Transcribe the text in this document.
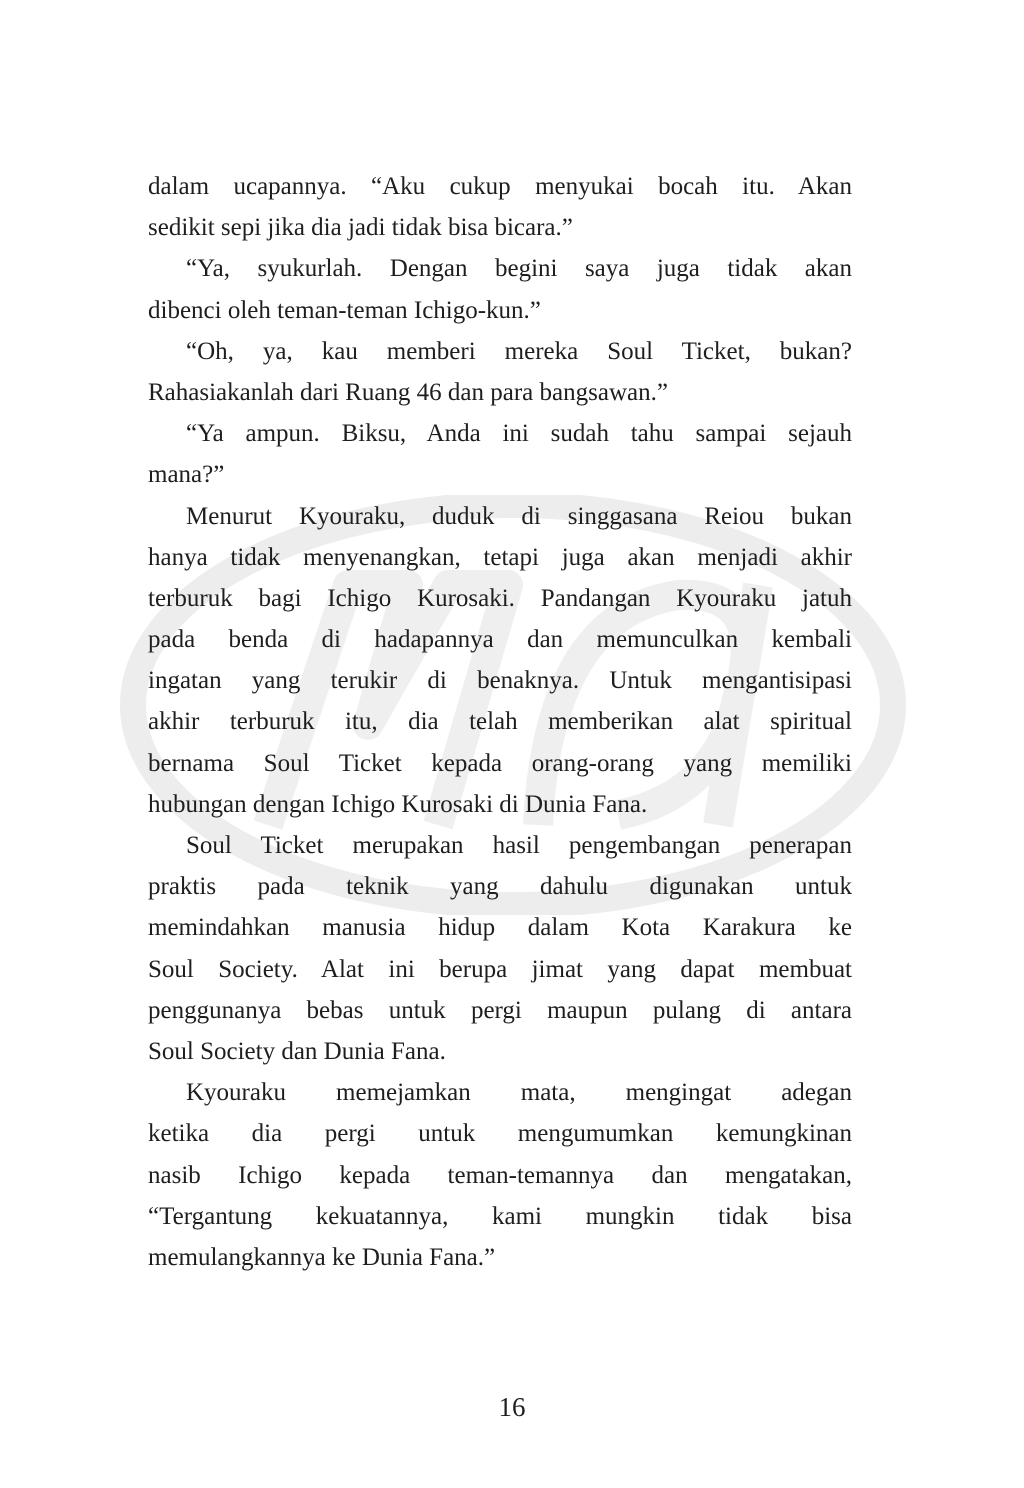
dalam ucapannya. “Aku cukup menyukai bocah itu. Akan
sedikit sepi jika dia jadi tidak bisa bicara.”
“Ya, syukurlah. Dengan begini saya juga tidak akan
dibenci oleh teman-teman Ichigo-kun.”
“Oh, ya, kau memberi mereka Soul Ticket, bukan?
Rahasiakanlah dari Ruang 46 dan para bangsawan.”
“Ya ampun. Biksu, Anda ini sudah tahu sampai sejauh
mana?”
Menurut Kyouraku, duduk di singgasana Reiou bukan
hanya tidak menyenangkan, tetapi juga akan menjadi akhir
terburuk bagi Ichigo Kurosaki. Pandangan Kyouraku jatuh
pada benda di hadapannya dan memunculkan kembali
ingatan yang terukir di benaknya. Untuk mengantisipasi
akhir terburuk itu, dia telah memberikan alat spiritual
bernama Soul Ticket kepada orang-orang yang memiliki
hubungan dengan Ichigo Kurosaki di Dunia Fana.
Soul Ticket merupakan hasil pengembangan penerapan
praktis pada teknik yang dahulu digunakan untuk
memindahkan manusia hidup dalam Kota Karakura ke
Soul Society. Alat ini berupa jimat yang dapat membuat
penggunanya bebas untuk pergi maupun pulang di antara
Soul Society dan Dunia Fana.
Kyouraku memejamkan mata, mengingat adegan
ketika dia pergi untuk mengumumkan kemungkinan
nasib Ichigo kepada teman-temannya dan mengatakan,
“Tergantung kekuatannya, kami mungkin tidak bisa
memulangkannya ke Dunia Fana.”
16
